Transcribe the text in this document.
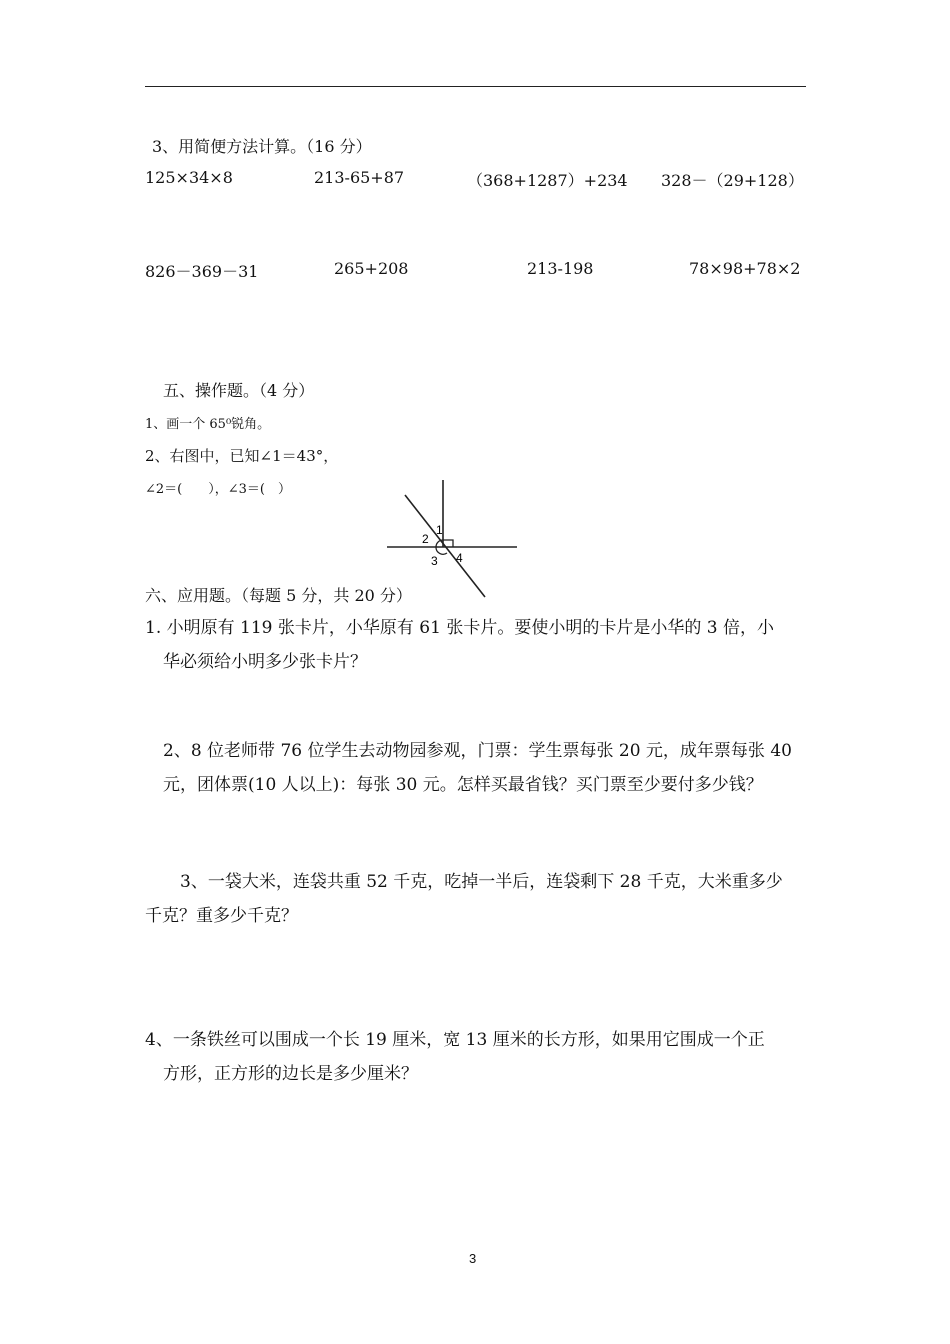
3、用简便方法计算。（16 分）
125×34×8	213-65+87	（368+1287）+234 328－（29+128）
826－369－31	265+208	213-198	78×98+78×2
五、操作题。（4 分）
1、画一个 65⁰锐角。
2、右图中，已知∠1＝43°，
∠2＝(　　），∠3＝(　）
1
2
3 4
六、应用题。（每题 5 分，共 20 分）
1. 小明原有 119 张卡片，小华原有 61 张卡片。要使小明的卡片是小华的 3 倍，小
华必须给小明多少张卡片？
2、8 位老师带 76 位学生去动物园参观，门票：学生票每张 20 元，成年票每张 40
元，团体票(10 人以上)：每张 30 元。怎样买最省钱？买门票至少要付多少钱？
3、一袋大米，连袋共重 52 千克，吃掉一半后，连袋剩下 28 千克，大米重多少
千克？重多少千克？
4、一条铁丝可以围成一个长 19 厘米，宽 13 厘米的长方形，如果用它围成一个正
方形，正方形的边长是多少厘米？
3
